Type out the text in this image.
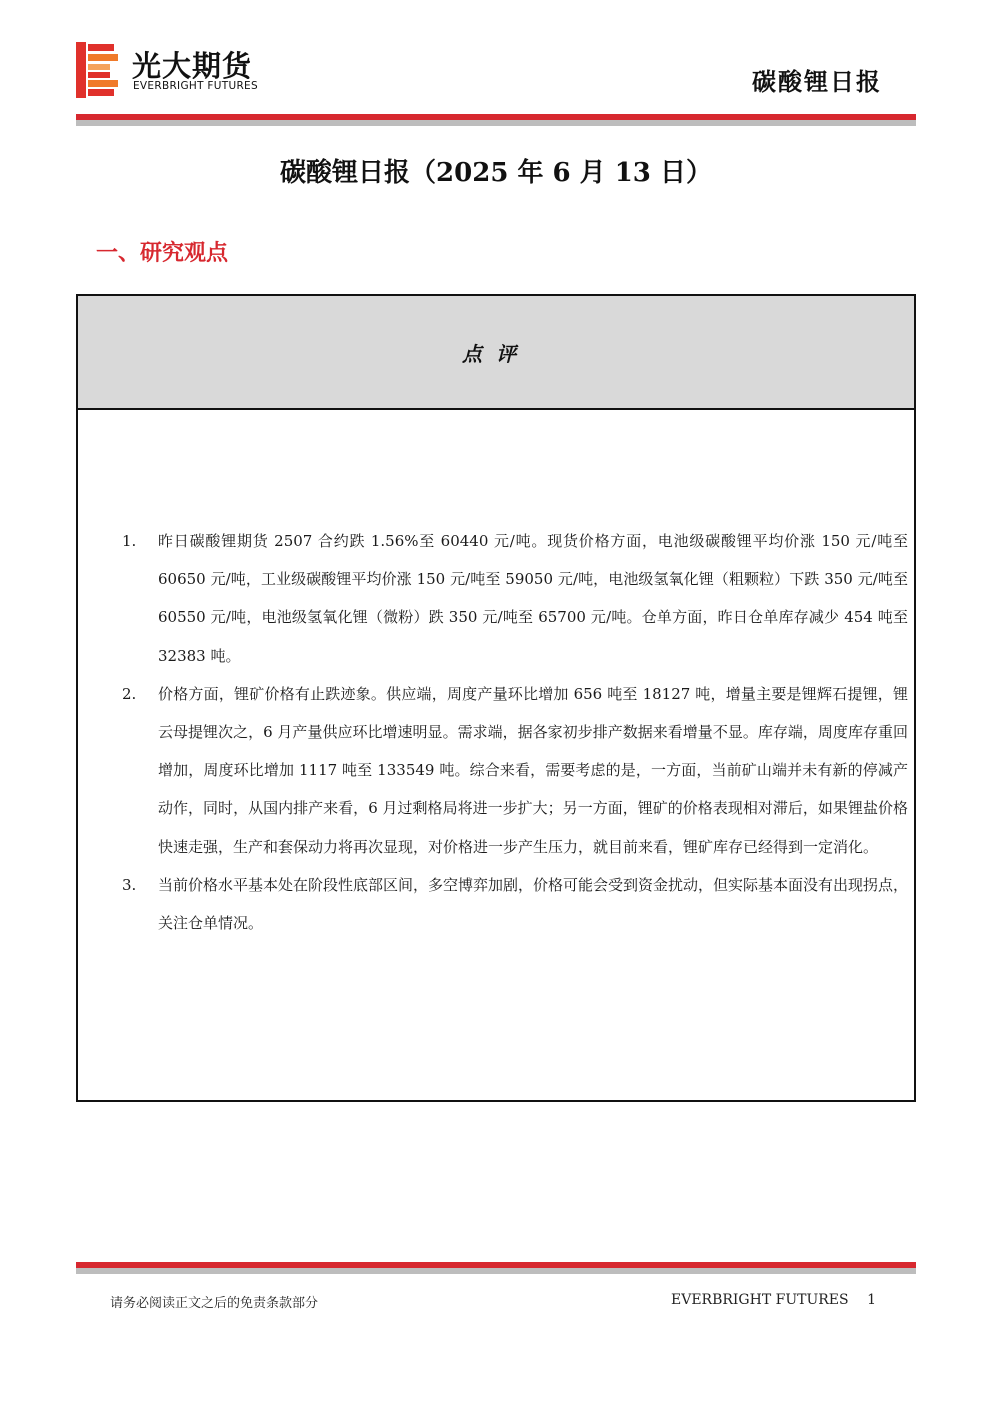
光大期货
EVERBRIGHT FUTURES	碳酸锂日报
碳酸锂日报（2025 年 6 月 13 日）
一、研究观点
点评
1. 昨日碳酸锂期货 2507 合约跌 1.56%至 60440 元/吨。现货价格方面，电池级碳酸锂平均价涨 150 元/吨至 60650 元/吨，工业级碳酸锂平均价涨 150 元/吨至 59050 元/吨，电池级氢氧化锂（粗颗粒）下跌 350 元/吨至 60550 元/吨，电池级氢氧化锂（微粉）跌 350 元/吨至 65700 元/吨。仓单方面，昨日仓单库存减少 454 吨至 32383 吨。
2. 价格方面，锂矿价格有止跌迹象。供应端，周度产量环比增加 656 吨至 18127 吨，增量主要是锂辉石提锂，锂云母提锂次之，6 月产量供应环比增速明显。需求端，据各家初步排产数据来看增量不显。库存端，周度库存重回增加，周度环比增加 1117 吨至 133549 吨。综合来看，需要考虑的是，一方面，当前矿山端并未有新的停减产动作，同时，从国内排产来看，6 月过剩格局将进一步扩大；另一方面，锂矿的价格表现相对滞后，如果锂盐价格快速走强，生产和套保动力将再次显现，对价格进一步产生压力，就目前来看，锂矿库存已经得到一定消化。
3. 当前价格水平基本处在阶段性底部区间，多空博弈加剧，价格可能会受到资金扰动，但实际基本面没有出现拐点，关注仓单情况。
请务必阅读正文之后的免责条款部分	EVERBRIGHT FUTURES 1
